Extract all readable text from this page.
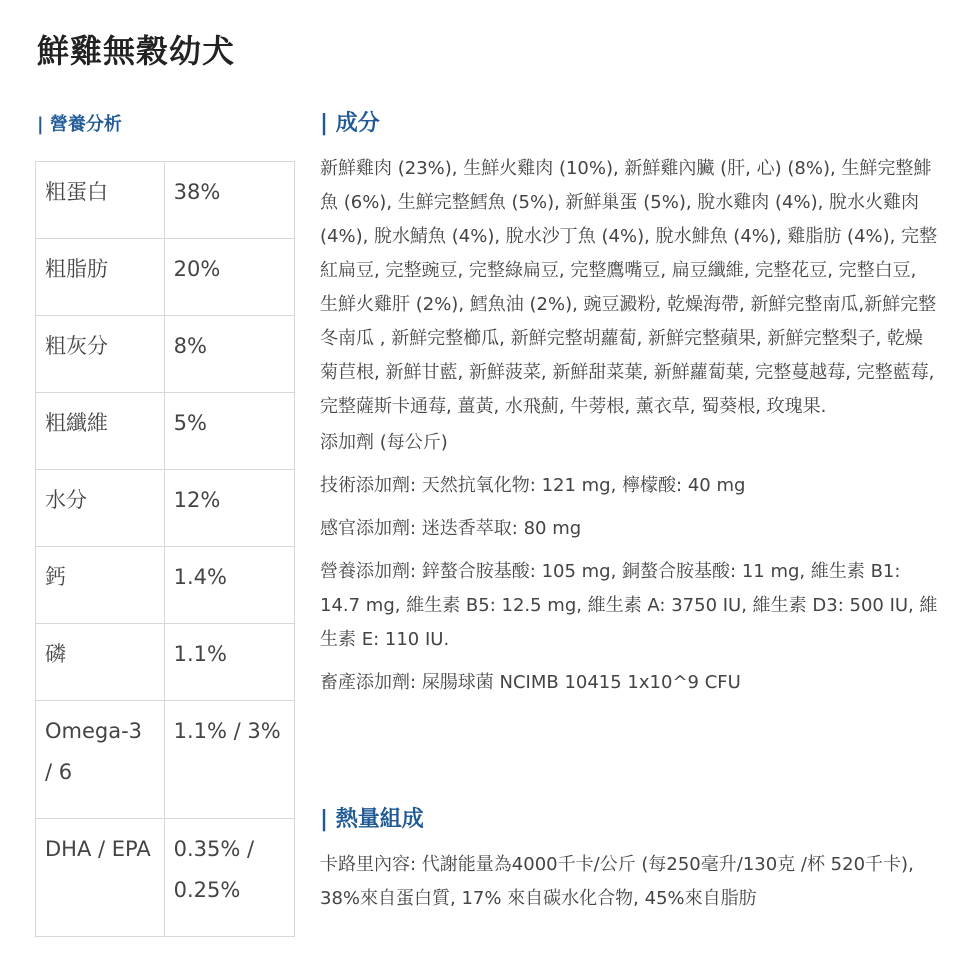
鮮雞無穀幼犬
| 營養分析
粗蛋白	38%
粗脂肪	20%
粗灰分	8%
粗纖維	5%
水分	12%
鈣	1.4%
磷	1.1%
Omega-3 / 6	1.1% / 3%
DHA / EPA	0.35% / 0.25%
| 成分

新鮮雞肉 (23%), 生鮮火雞肉 (10%), 新鮮雞內臟 (肝, 心) (8%), 生鮮完整鯡魚 (6%), 生鮮完整鱈魚 (5%), 新鮮巢蛋 (5%), 脫水雞肉 (4%), 脫水火雞肉 (4%), 脫水鯖魚 (4%), 脫水沙丁魚 (4%), 脫水鯡魚 (4%), 雞脂肪 (4%), 完整紅扁豆, 完整豌豆, 完整綠扁豆, 完整鷹嘴豆, 扁豆纖維, 完整花豆, 完整白豆, 生鮮火雞肝 (2%), 鱈魚油 (2%), 豌豆澱粉, 乾燥海帶, 新鮮完整南瓜,新鮮完整冬南瓜 , 新鮮完整櫛瓜, 新鮮完整胡蘿蔔, 新鮮完整蘋果, 新鮮完整梨子, 乾燥菊苣根, 新鮮甘藍, 新鮮菠菜, 新鮮甜菜葉, 新鮮蘿蔔葉, 完整蔓越莓, 完整藍莓, 完整薩斯卡通莓, 薑黃, 水飛薊, 牛蒡根, 薰衣草, 蜀葵根, 玫瑰果.

添加劑 (每公斤)

技術添加劑: 天然抗氧化物: 121 mg, 檸檬酸: 40 mg

感官添加劑: 迷迭香萃取: 80 mg

營養添加劑: 鋅螯合胺基酸: 105 mg, 銅螯合胺基酸: 11 mg, 維生素 B1: 14.7 mg, 維生素 B5: 12.5 mg, 維生素 A: 3750 IU, 維生素 D3: 500 IU, 維生素 E: 110 IU.

畜產添加劑: 屎腸球菌 NCIMB 10415 1x10^9 CFU

| 熱量組成
卡路里內容: 代謝能量為4000千卡/公斤 (每250毫升/130克 /杯 520千卡), 38%來自蛋白質, 17% 來自碳水化合物, 45%來自脂肪
